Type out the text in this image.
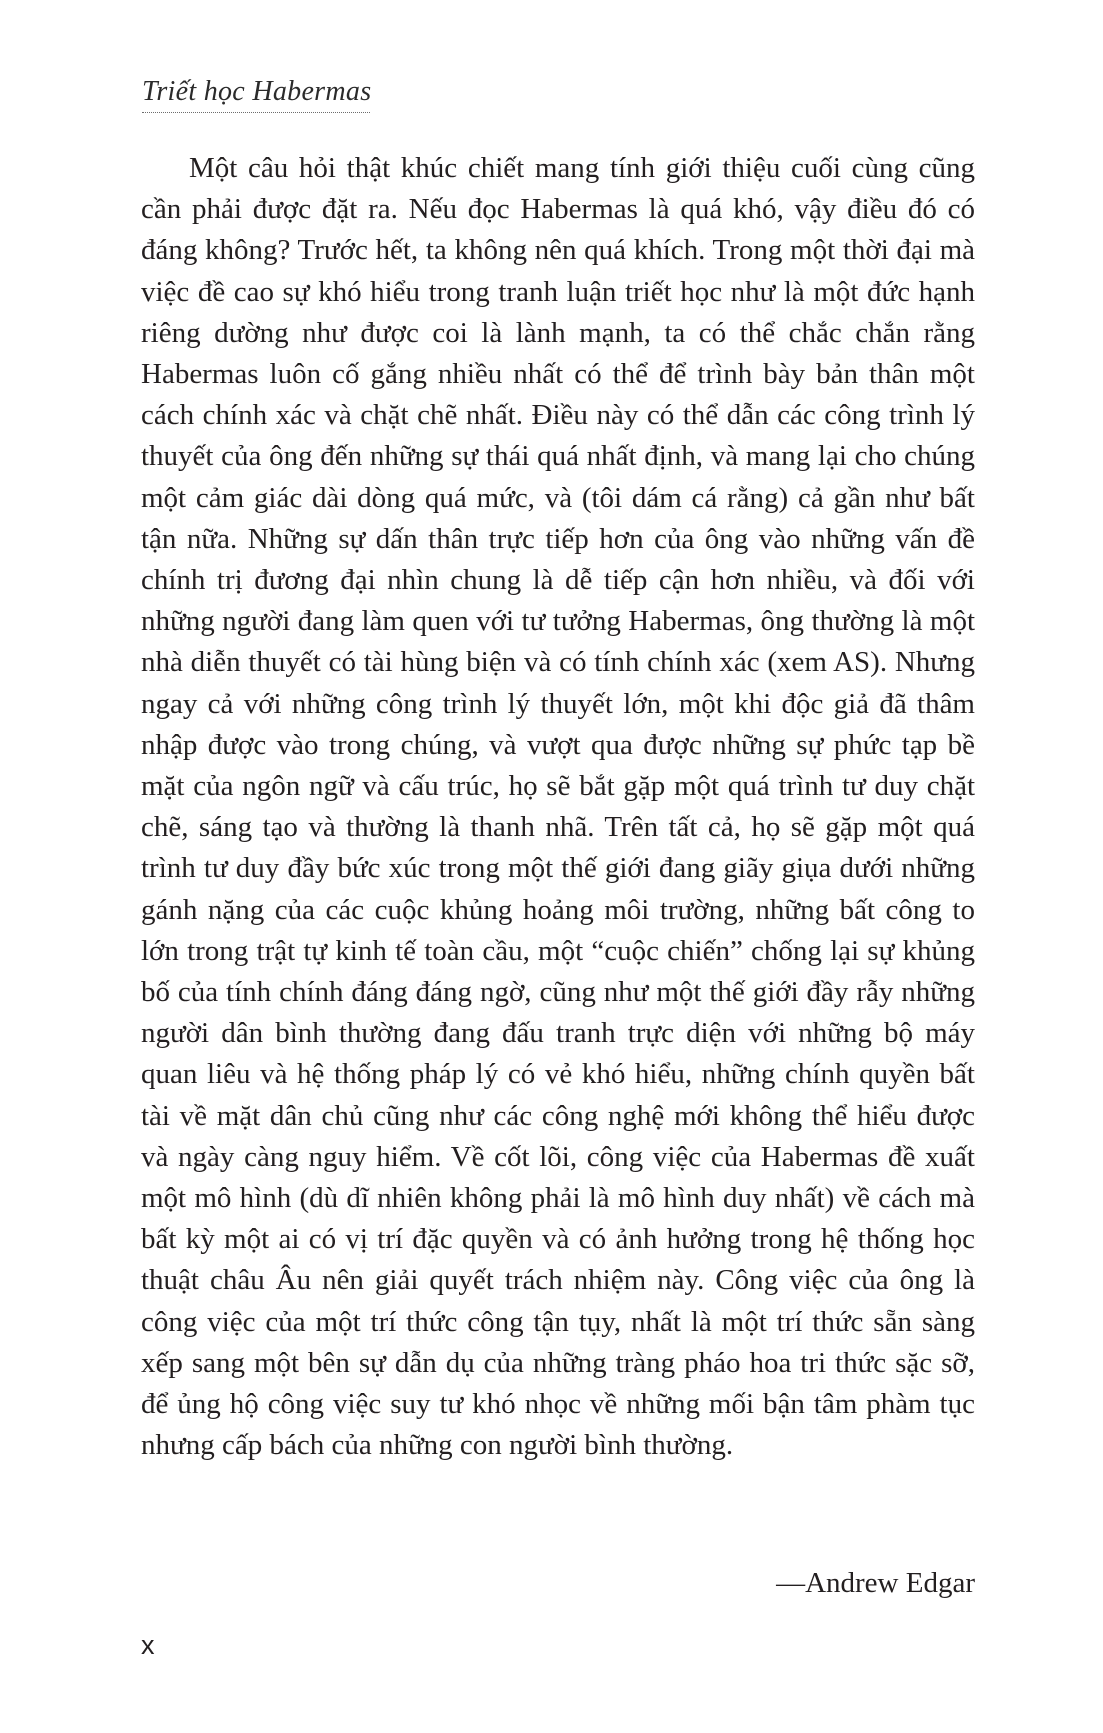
Triết học Habermas

Một câu hỏi thật khúc chiết mang tính giới thiệu cuối cùng cũng cần phải được đặt ra. Nếu đọc Habermas là quá khó, vậy điều đó có đáng không? Trước hết, ta không nên quá khích. Trong một thời đại mà việc đề cao sự khó hiểu trong tranh luận triết học như là một đức hạnh riêng dường như được coi là lành mạnh, ta có thể chắc chắn rằng Habermas luôn cố gắng nhiều nhất có thể để trình bày bản thân một cách chính xác và chặt chẽ nhất. Điều này có thể dẫn các công trình lý thuyết của ông đến những sự thái quá nhất định, và mang lại cho chúng một cảm giác dài dòng quá mức, và (tôi dám cá rằng) cả gần như bất tận nữa. Những sự dấn thân trực tiếp hơn của ông vào những vấn đề chính trị đương đại nhìn chung là dễ tiếp cận hơn nhiều, và đối với những người đang làm quen với tư tưởng Habermas, ông thường là một nhà diễn thuyết có tài hùng biện và có tính chính xác (xem AS). Nhưng ngay cả với những công trình lý thuyết lớn, một khi độc giả đã thâm nhập được vào trong chúng, và vượt qua được những sự phức tạp bề mặt của ngôn ngữ và cấu trúc, họ sẽ bắt gặp một quá trình tư duy chặt chẽ, sáng tạo và thường là thanh nhã. Trên tất cả, họ sẽ gặp một quá trình tư duy đầy bức xúc trong một thế giới đang giãy giụa dưới những gánh nặng của các cuộc khủng hoảng môi trường, những bất công to lớn trong trật tự kinh tế toàn cầu, một “cuộc chiến” chống lại sự khủng bố của tính chính đáng đáng ngờ, cũng như một thế giới đầy rẫy những người dân bình thường đang đấu tranh trực diện với những bộ máy quan liêu và hệ thống pháp lý có vẻ khó hiểu, những chính quyền bất tài về mặt dân chủ cũng như các công nghệ mới không thể hiểu được và ngày càng nguy hiểm. Về cốt lõi, công việc của Habermas đề xuất một mô hình (dù dĩ nhiên không phải là mô hình duy nhất) về cách mà bất kỳ một ai có vị trí đặc quyền và có ảnh hưởng trong hệ thống học thuật châu Âu nên giải quyết trách nhiệm này. Công việc của ông là công việc của một trí thức công tận tụy, nhất là một trí thức sẵn sàng xếp sang một bên sự dẫn dụ của những tràng pháo hoa tri thức sặc sỡ, để ủng hộ công việc suy tư khó nhọc về những mối bận tâm phàm tục nhưng cấp bách của những con người bình thường.

—Andrew Edgar
x
